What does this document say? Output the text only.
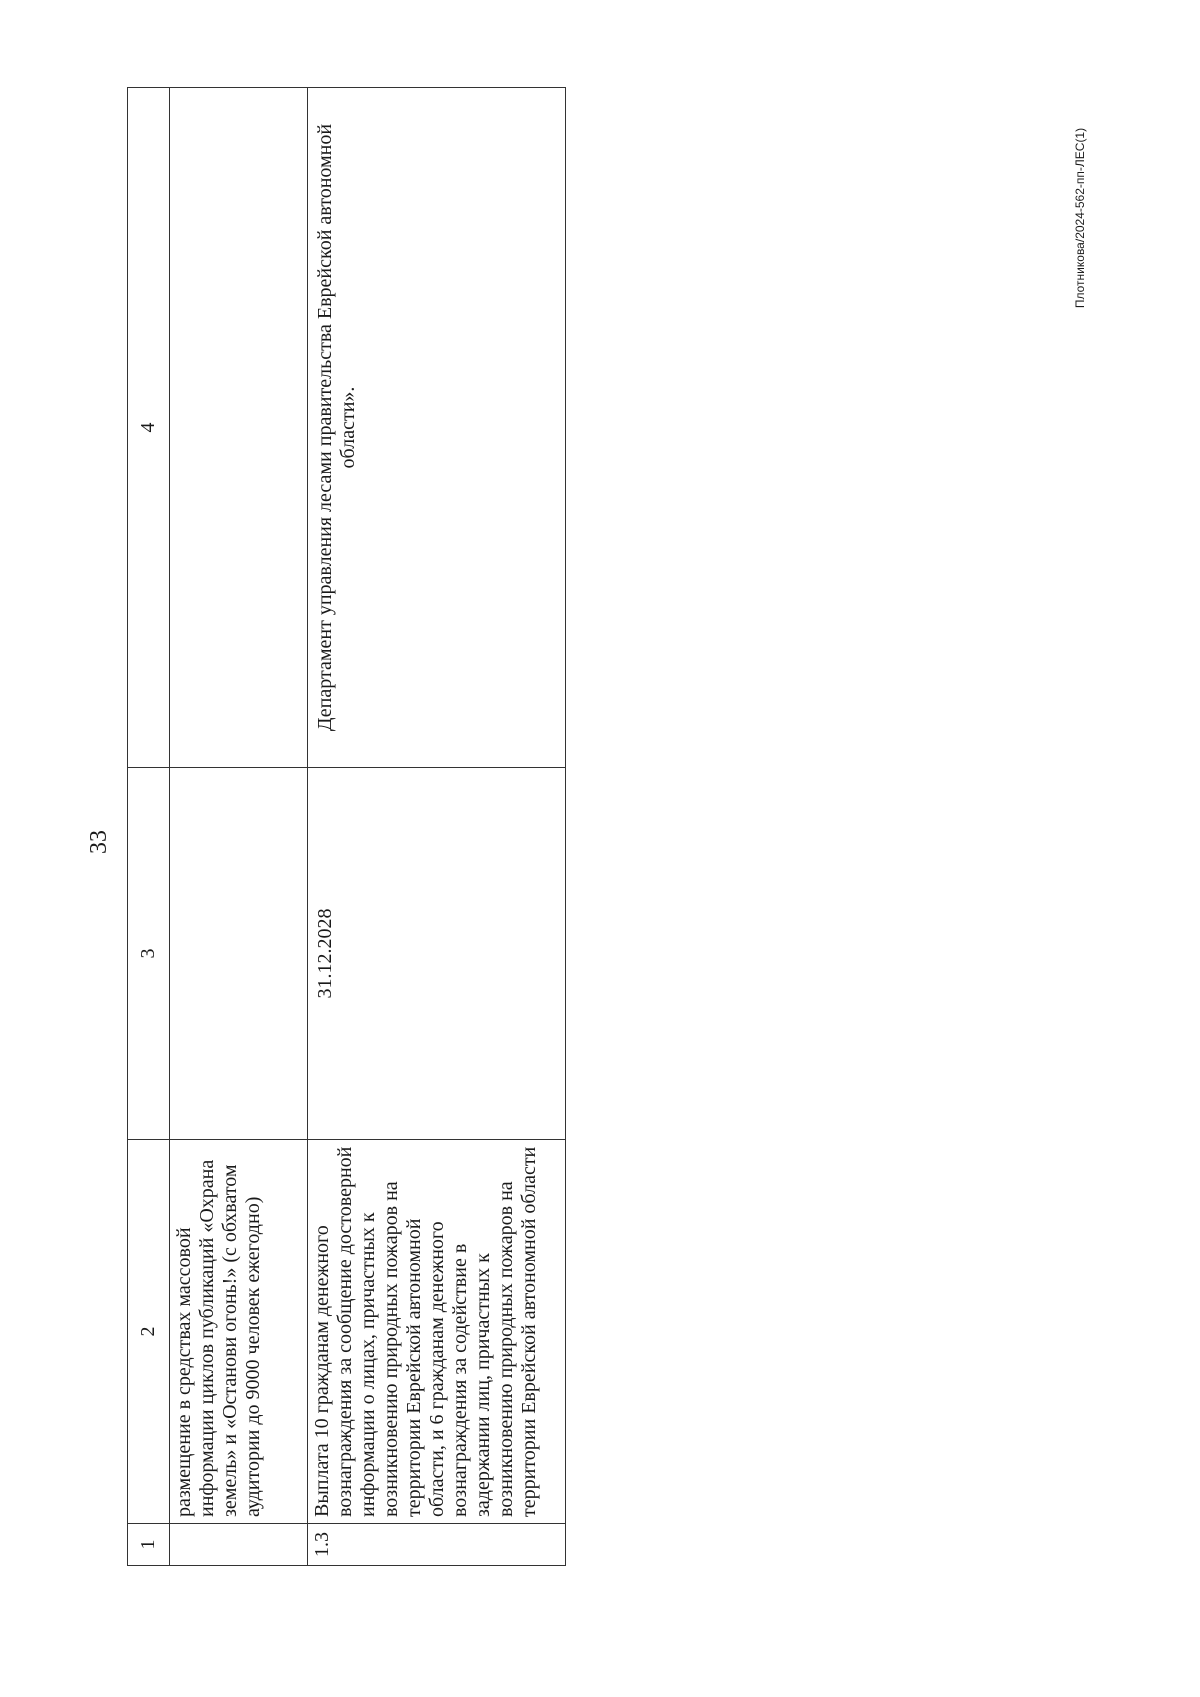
33
1	2	3	4
	размещение в средствах массовой информации циклов публикаций «Охрана земель» и «Останови огонь!» (с обхватом аудитории до 9000 человек ежегодно)		
1.3	Выплата 10 гражданам денежного вознаграждения за сообщение достоверной информации о лицах, причастных к возникновению природных пожаров на территории Еврейской автономной области, и 6 гражданам денежного вознаграждения за содействие в задержании лиц, причастных к возникновению природных пожаров на территории Еврейской автономной области	31.12.2028	Департамент управления лесами правительства Еврейской автономной области».
Плотникова/2024-562-пп-ЛЕС(1)
